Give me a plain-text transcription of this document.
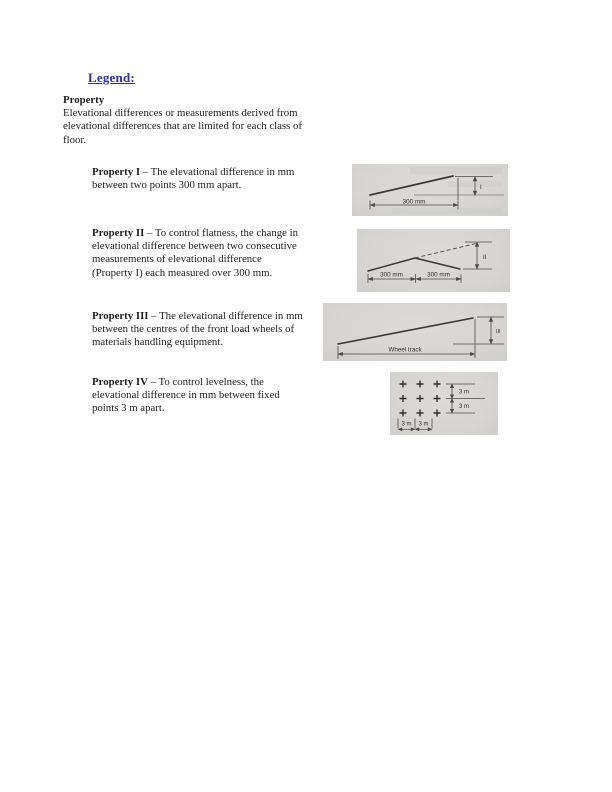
Legend:
Property
Elevational differences or measurements derived from
elevational differences that are limited for each class of
floor.
Property I – The elevational difference in mm
between two points 300 mm apart.	I
300 mm
Property II – To control flatness, the change in
elevational difference between two consecutive
measurements of elevational difference
(Property I) each measured over 300 mm.
II
300 mm	300 mm
Property III – The elevational difference in mm
between the centres of the front load wheels of
materials handling equipment.
III
Wheel track
Property IV – To control levelness, the
elevational difference in mm between fixed
points 3 m apart.
3 m
3 m
3 m 3 m
